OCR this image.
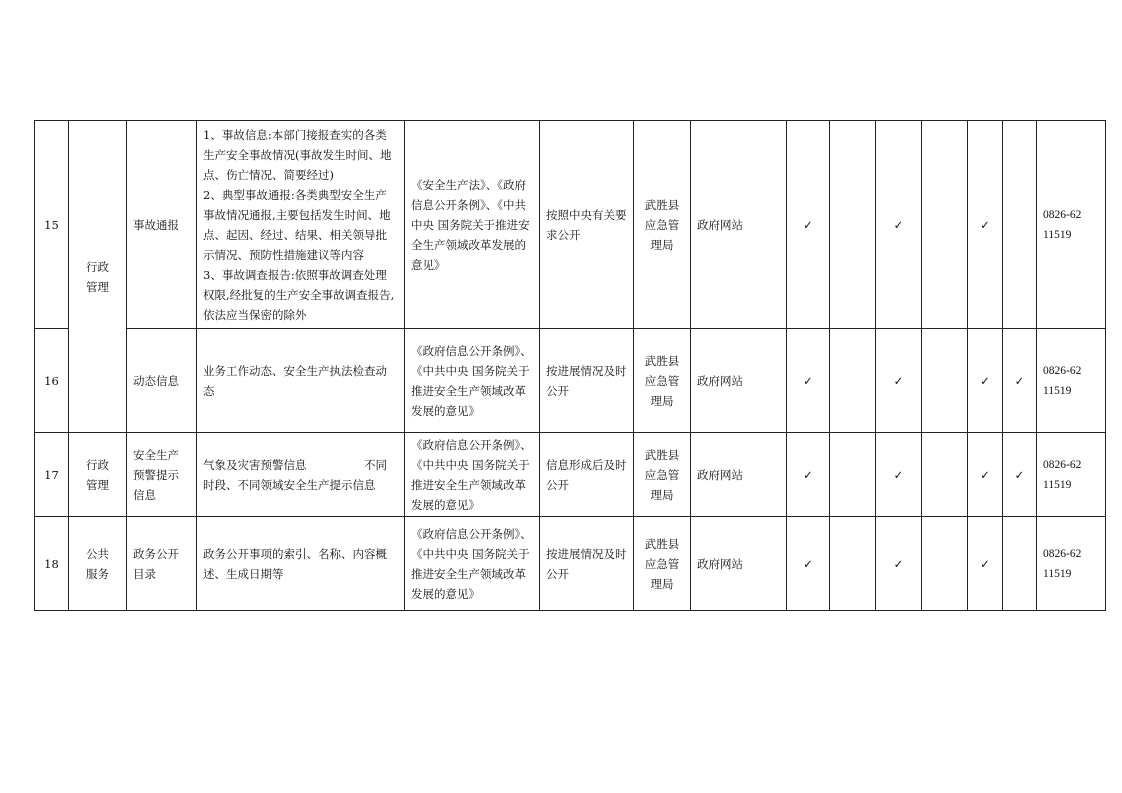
15	行政
管理	事故通报	1、事故信息:本部门接报查实的各类生产安全事故情况(事故发生时间、地点、伤亡情况、简要经过)
2、典型事故通报:各类典型安全生产事故情况通报,主要包括发生时间、地点、起因、经过、结果、相关领导批示情况、预防性措施建议等内容
3、事故调查报告:依照事故调查处理权限,经批复的生产安全事故调查报告,依法应当保密的除外	《安全生产法》、《政府信息公开条例》、《中共中央 国务院关于推进安全生产领域改革发展的意见》	按照中央有关要求公开	武胜县
应急管
理局	政府网站	✓		✓		✓		0826-62
11519
16		动态信息	业务工作动态、安全生产执法检查动态	《政府信息公开条例》、《中共中央 国务院关于推进安全生产领域改革发展的意见》	按进展情况及时公开	武胜县
应急管
理局	政府网站	✓		✓		✓	✓	0826-62
11519
17	行政
管理	安全生产预警提示信息	气象及灾害预警信息　　　　　不同时段、不同领域安全生产提示信息	《政府信息公开条例》、《中共中央 国务院关于推进安全生产领域改革发展的意见》	信息形成后及时公开	武胜县
应急管
理局	政府网站	✓		✓		✓	✓	0826-62
11519
18	公共
服务	政务公开目录	政务公开事项的索引、名称、内容概述、生成日期等	《政府信息公开条例》、《中共中央 国务院关于推进安全生产领域改革发展的意见》	按进展情况及时公开	武胜县
应急管
理局	政府网站	✓		✓		✓		0826-62
11519
